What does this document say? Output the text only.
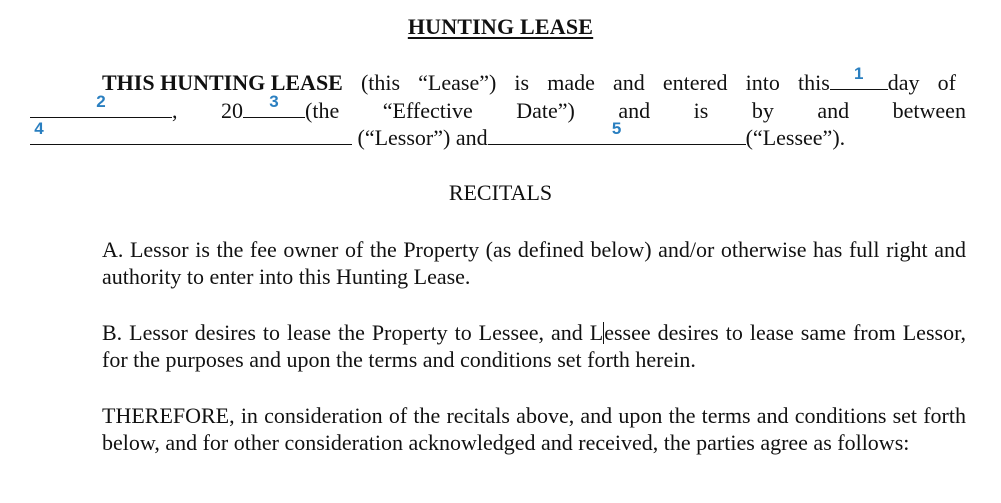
HUNTING LEASE
THIS HUNTING LEASE (this “Lease”) is made and entered into this	1	day of
2	, 20	3	(the “Effective Date”) and is by and between
4	(“Lessor”) and	5	(“Lessee”).
RECITALS
A. Lessor is the fee owner of the Property (as defined below) and/or otherwise has full right and authority to enter into this Hunting Lease.
B. Lessor desires to lease the Property to Lessee, and Lessee desires to lease same from Lessor, for the purposes and upon the terms and conditions set forth herein.
THEREFORE, in consideration of the recitals above, and upon the terms and conditions set forth below, and for other consideration acknowledged and received, the parties agree as follows:
